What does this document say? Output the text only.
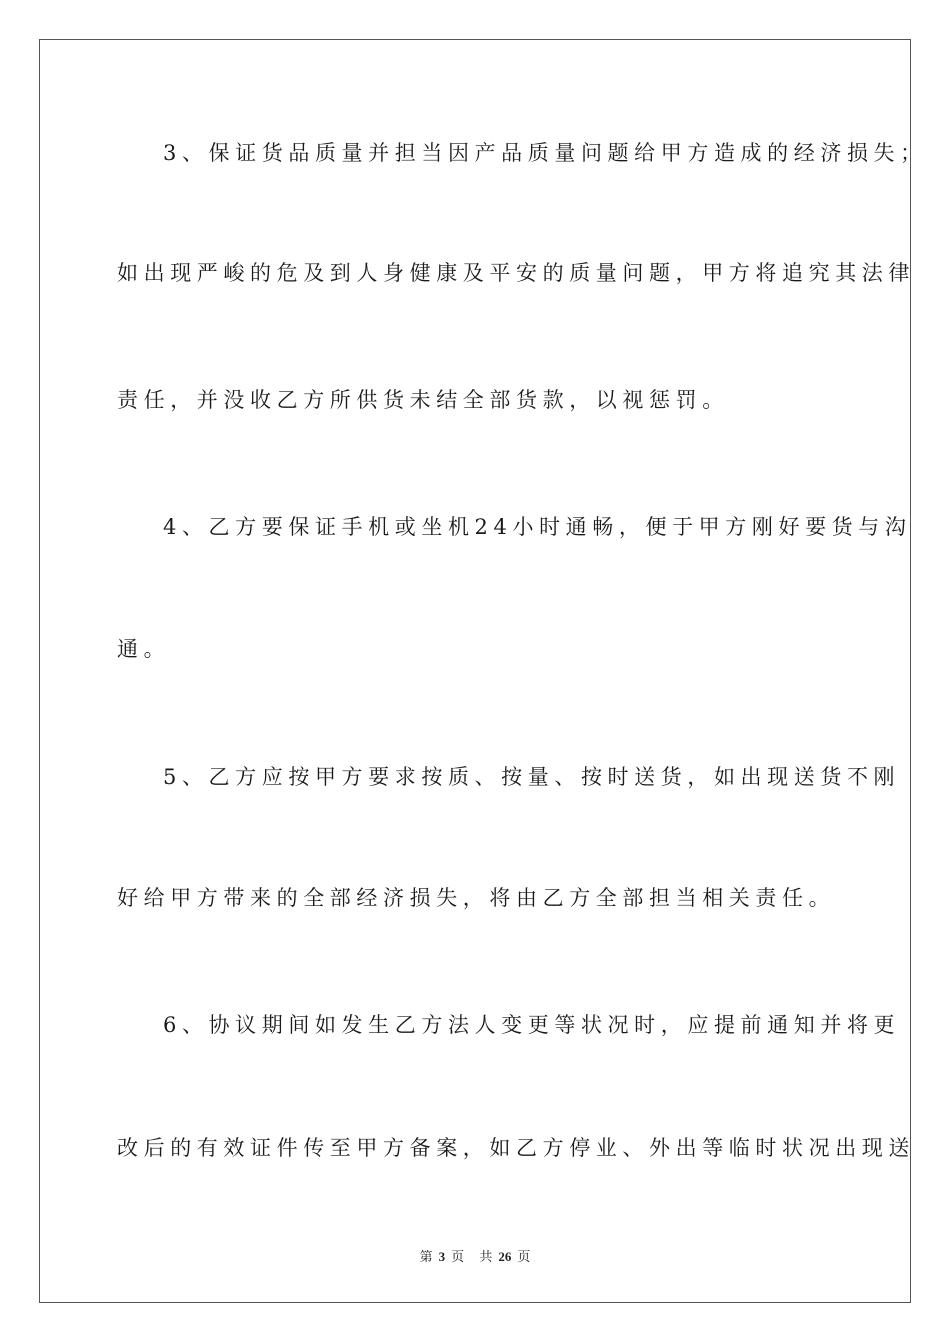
3、保证货品质量并担当因产品质量问题给甲方造成的经济损失；
如出现严峻的危及到人身健康及平安的质量问题，甲方将追究其法律
责任，并没收乙方所供货未结全部货款，以视惩罚。
4、乙方要保证手机或坐机24小时通畅，便于甲方刚好要货与沟
通。
5、乙方应按甲方要求按质、按量、按时送货，如出现送货不刚
好给甲方带来的全部经济损失，将由乙方全部担当相关责任。
6、协议期间如发生乙方法人变更等状况时，应提前通知并将更
改后的有效证件传至甲方备案，如乙方停业、外出等临时状况出现送
第 3 页 共 26 页
